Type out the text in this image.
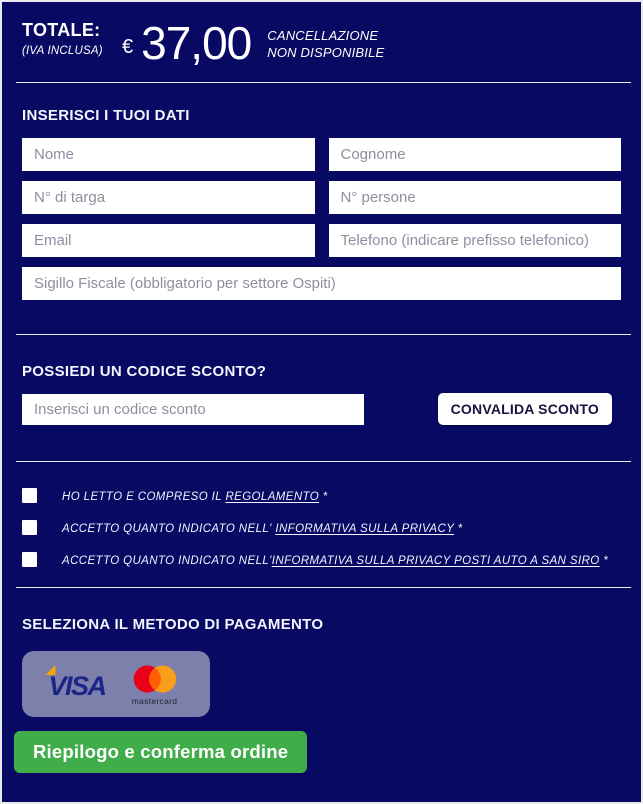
TOTALE:
(IVA INCLUSA) € 37,00 CANCELLAZIONE
NON DISPONIBILE
INSERISCI I TUOI DATI
Nome
Cognome
N° di targa
N° persone
Email
Telefono (indicare prefisso telefonico)
Sigillo Fiscale (obbligatorio per settore Ospiti)
POSSIEDI UN CODICE SCONTO?
Inserisci un codice sconto
CONVALIDA SCONTO
HO LETTO E COMPRESO IL REGOLAMENTO *
ACCETTO QUANTO INDICATO NELL' INFORMATIVA SULLA PRIVACY *
ACCETTO QUANTO INDICATO NELL'INFORMATIVA SULLA PRIVACY POSTI AUTO A SAN SIRO *
SELEZIONA IL METODO DI PAGAMENTO
VISA
mastercard
Riepilogo e conferma ordine
